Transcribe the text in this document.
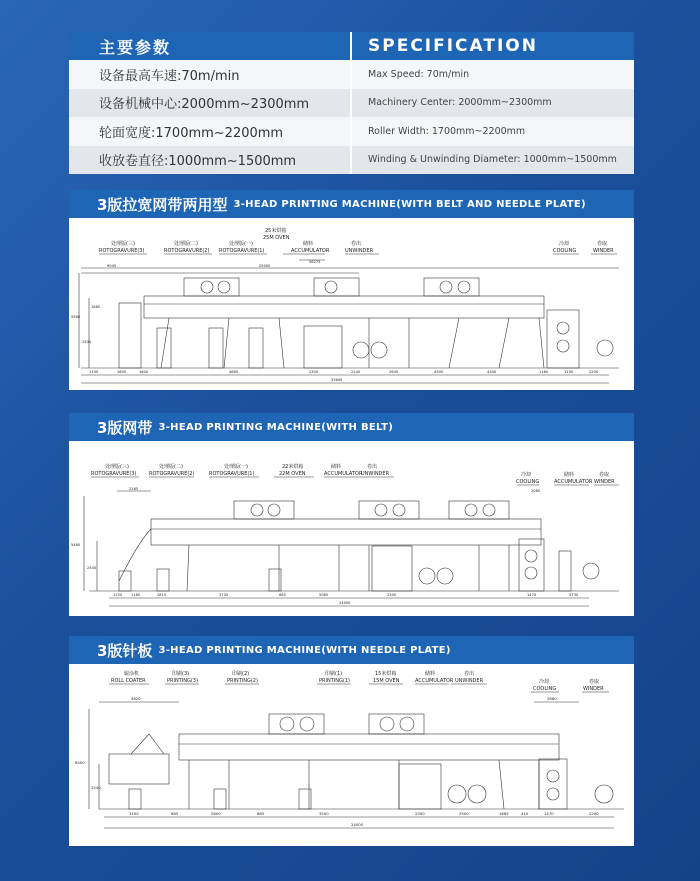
主要参数	SPECIFICATION
设备最高车速:70m/min	Max Speed: 70m/min
设备机械中心:2000mm~2300mm	Machinery Center: 2000mm~2300mm
轮面宽度:1700mm~2200mm	Roller Width: 1700mm~2200mm
收放卷直径:1000mm~1500mm	Winding & Unwinding Diameter: 1000mm~1500mm
3版拉宽网带两用型 3-HEAD PRINTING MACHINE(WITH BELT AND NEEDLE PLATE)
处理版(三)
ROTOGRAVURE(3)
处理版(二)
ROTOGRAVURE(2)
处理版(一)
ROTOGRAVURE(1)
25米烘箱
25M OVEN
储料
ACCUMULATOR
卷出
UNWINDER
冷却
COOLING
卷取
WINDER
9045	25000
56275
5560
1665
2540
1330	1600	1600	4665	2300	2140	2645	4300	4300	1160	1130	2200
33645
3版网带 3-HEAD PRINTING MACHINE(WITH BELT)
处理版(三)
ROTOGRAVURE(3)
处理版(二)
ROTOGRAVURE(2)
处理版(一)
ROTOGRAVURE(1)
22米烘箱
22M OVEN
储料
ACCUMULATOR
卷出
UNWINDER	冷却
COOLING
储料
ACCUMULATOR
卷取
WINDER
2165	2080
5460
2540
1150 1160	2815	3735	665	5065	2300	1470	3730
24000
3版针板 3-HEAD PRINTING MACHINE(WITH NEEDLE PLATE)
辊涂机
ROLL COATER
印刷(3)
PRINTING(3)
印刷(2)
PRINTING(2)
印刷(1)
PRINTING(1)
15米烘箱
15M OVEN
储料
ACCUMULATOR
卷出
UNWINDER	冷却
COOLING
卷取
WINDER
4820	2660
6400
2540
3100	685	2600	685	3500	2300	2500	1665	410	1470	2200
24000
